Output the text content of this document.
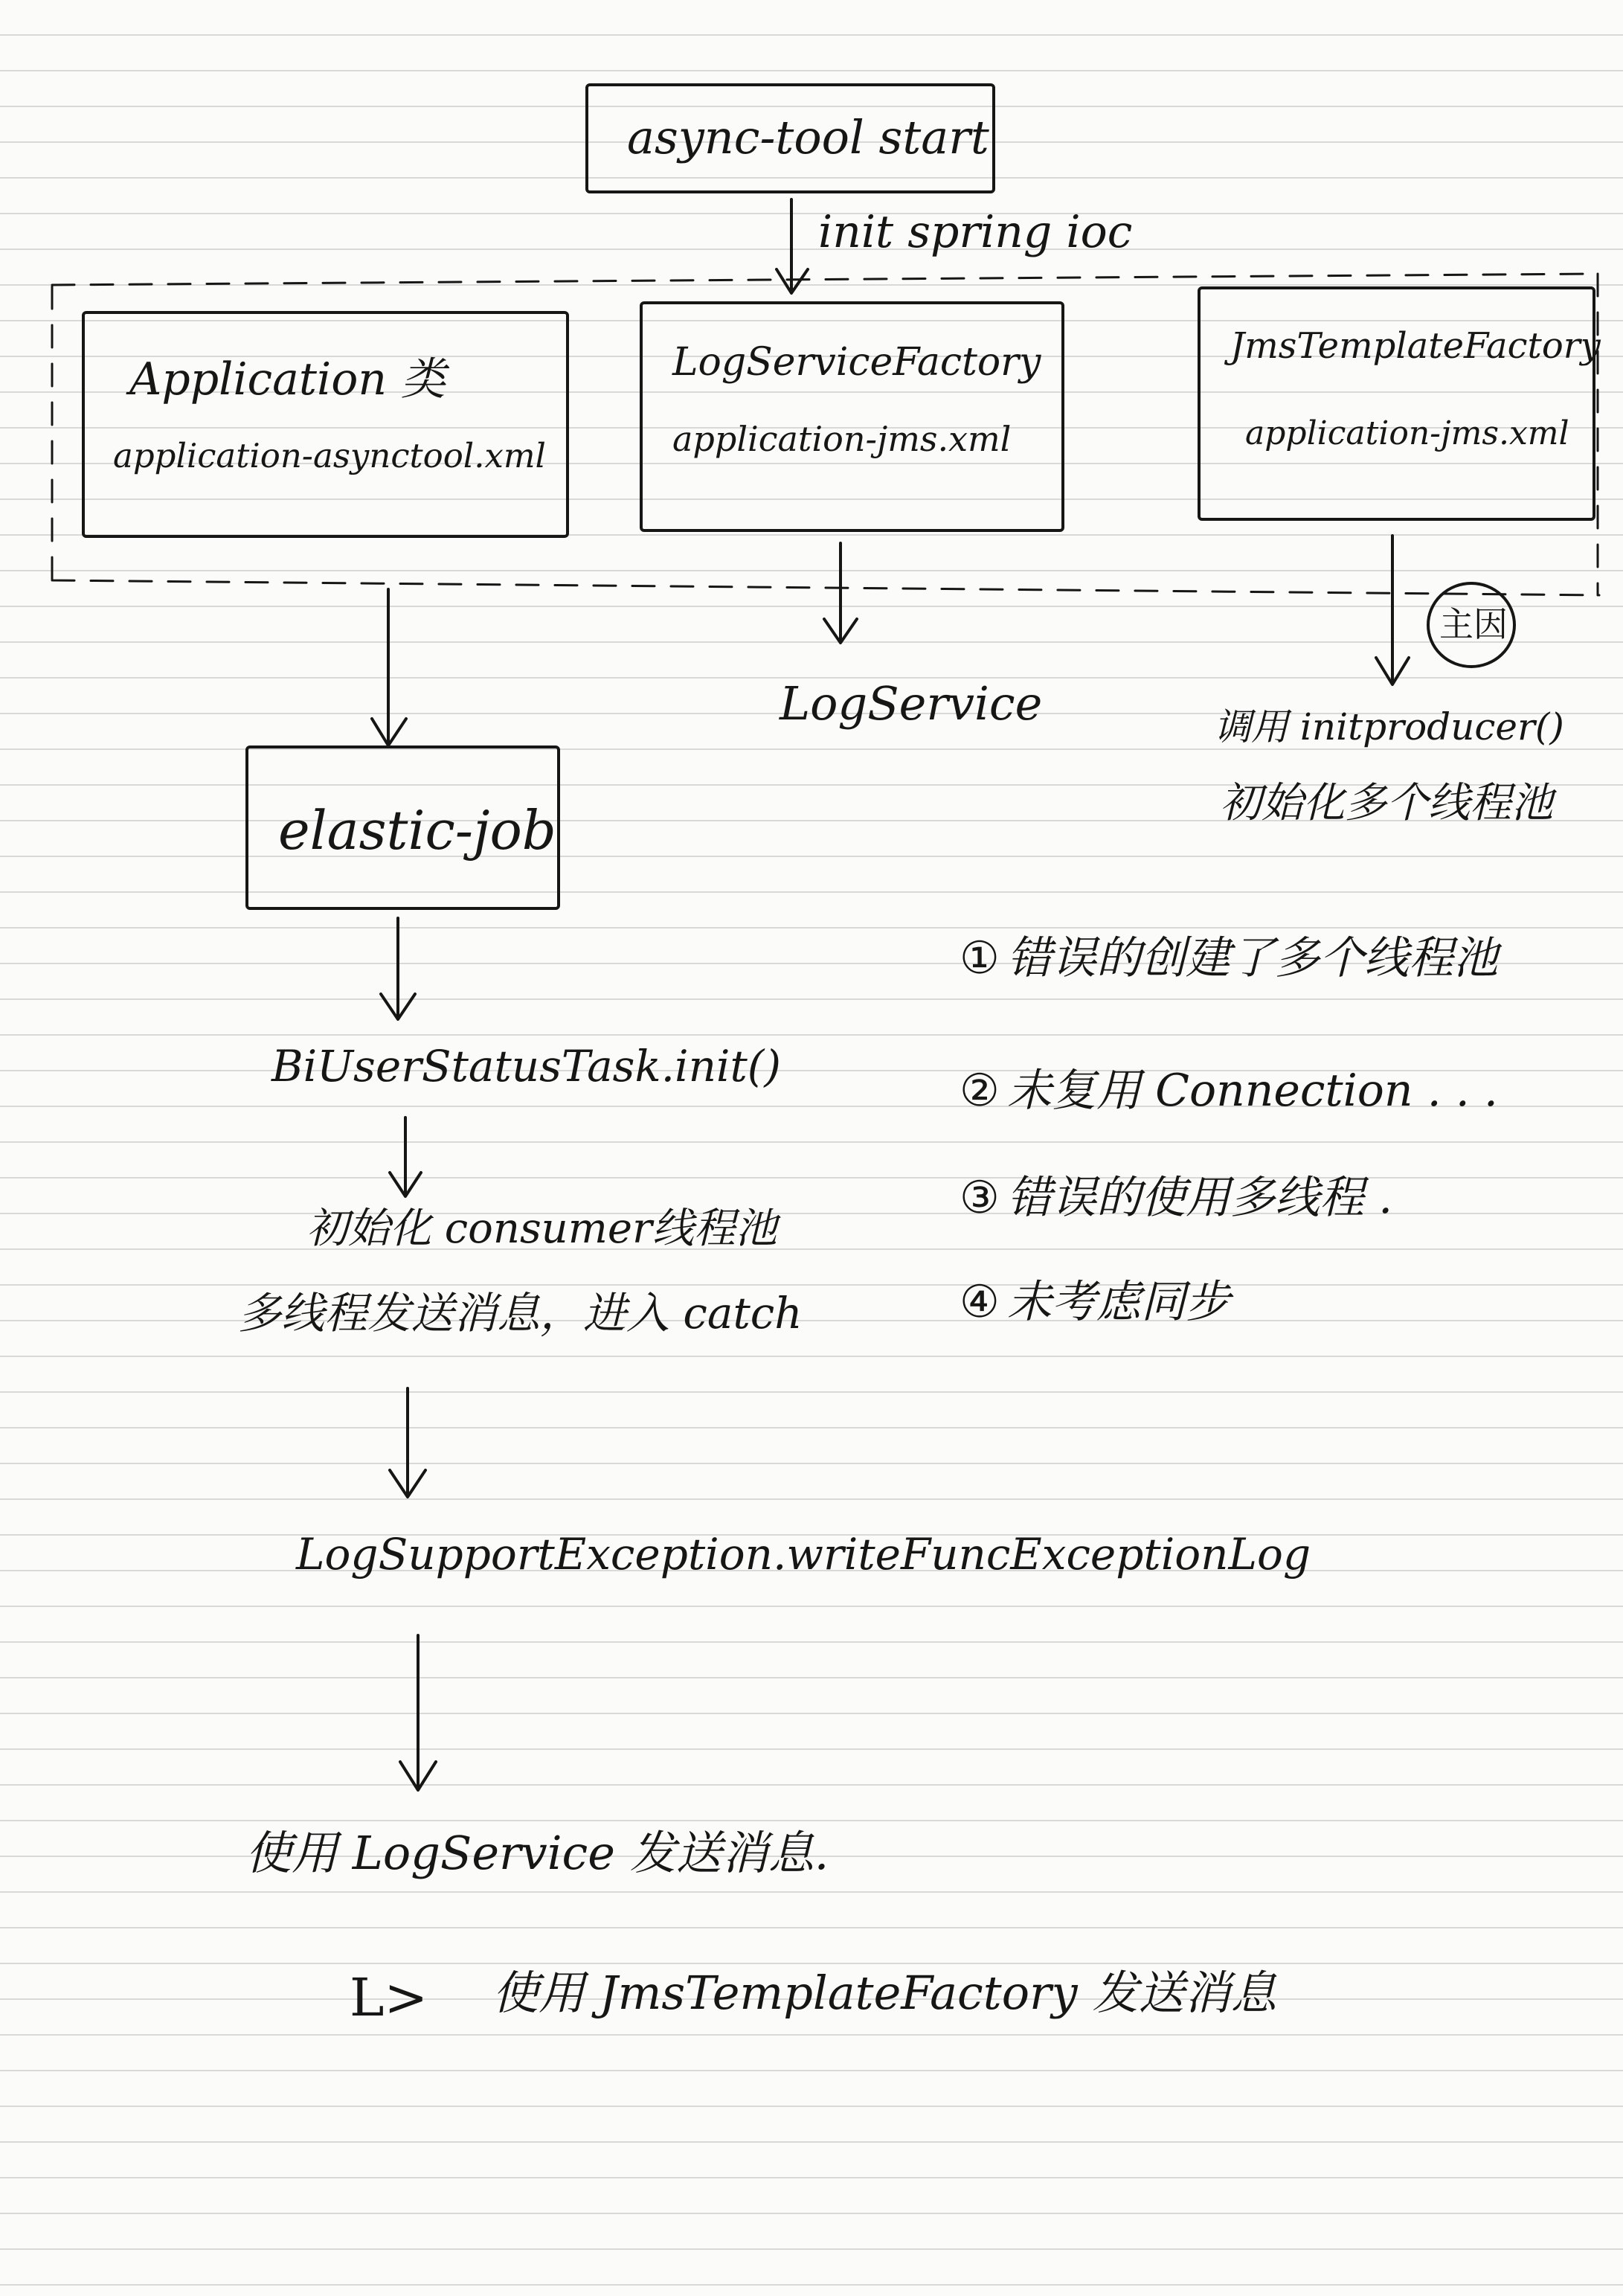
async-tool start
init spring ioc
Application 类
application-asynctool.xml
LogServiceFactory
application-jms.xml
JmsTemplateFactory
application-jms.xml
LogService
主因
调用 initproducer()
初始化多个线程池
elastic-job
BiUserStatusTask.init()
初始化 consumer线程池
多线程发送消息，进入 catch
LogSupportException.writeFuncExceptionLog
使用 LogService 发送消息.
L> 使用 JmsTemplateFactory 发送消息
① 错误的创建了多个线程池
② 未复用 Connection . . .
③ 错误的使用多线程 .
④ 未考虑同步
